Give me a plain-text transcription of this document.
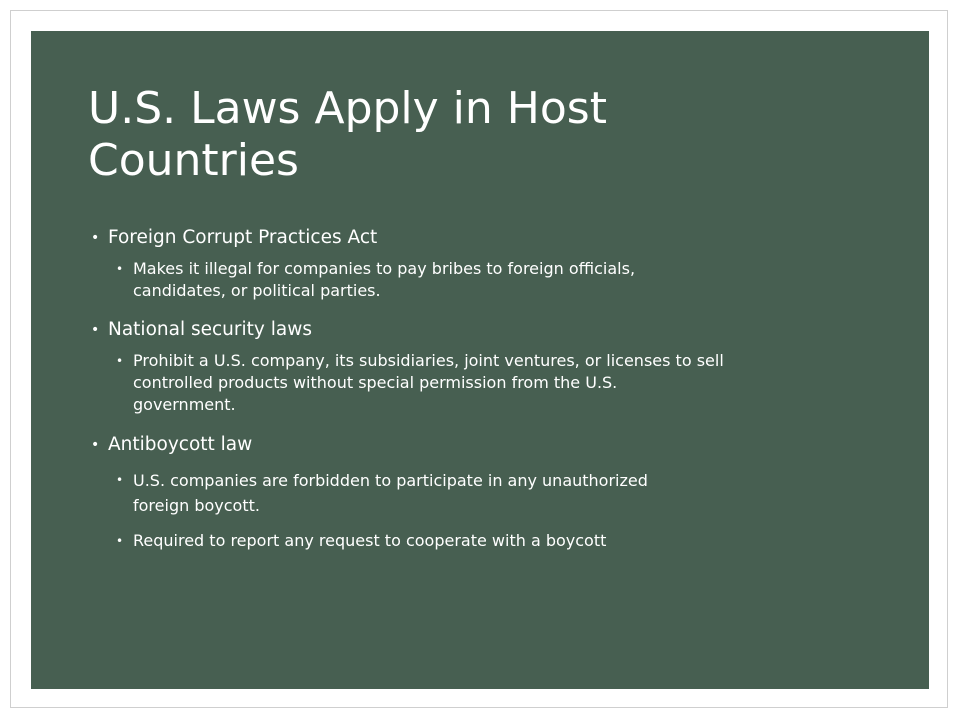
U.S. Laws Apply in Host
Countries
• Foreign Corrupt Practices Act
• Makes it illegal for companies to pay bribes to foreign officials,
candidates, or political parties.
• National security laws
• Prohibit a U.S. company, its subsidiaries, joint ventures, or licenses to sell
controlled products without special permission from the U.S.
government.
• Antiboycott law
• U.S. companies are forbidden to participate in any unauthorized
foreign boycott.
• Required to report any request to cooperate with a boycott
